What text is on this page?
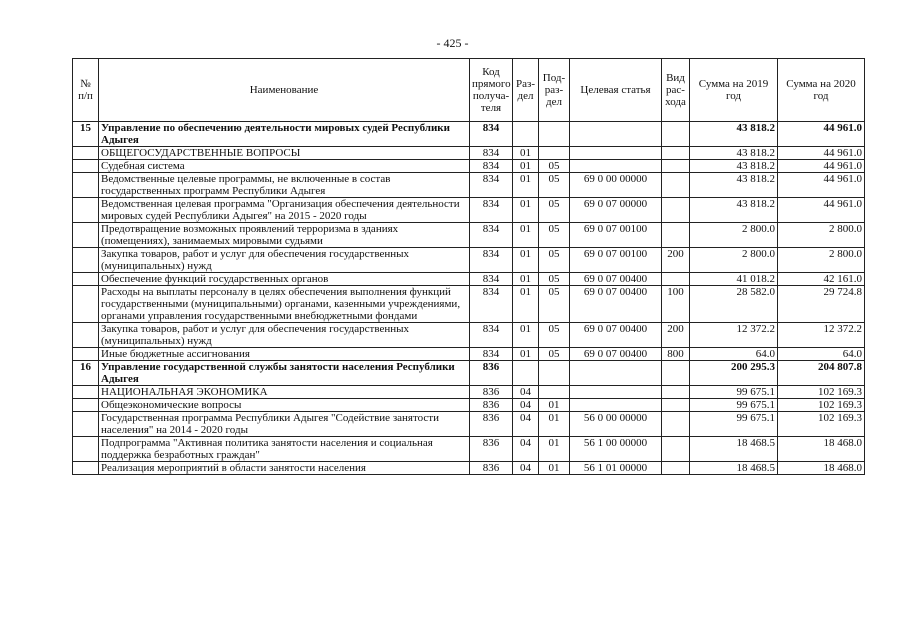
- 425 -
№ п/п	Наименование	Код прямого получа-теля	Раз-дел	Под-раз-дел	Целевая статья	Вид рас-хода	Сумма на 2019 год	Сумма на 2020 год
15	Управление по обеспечению деятельности мировых судей Республики Адыгея	834					43 818.2	44 961.0
	ОБЩЕГОСУДАРСТВЕННЫЕ ВОПРОСЫ	834	01				43 818.2	44 961.0
	Судебная система	834	01	05			43 818.2	44 961.0
	Ведомственные целевые программы, не включенные в состав государственных программ Республики Адыгея	834	01	05	69 0 00 00000		43 818.2	44 961.0
	Ведомственная целевая программа "Организация обеспечения деятельности мировых судей Республики Адыгея" на 2015 - 2020 годы	834	01	05	69 0 07 00000		43 818.2	44 961.0
	Предотвращение возможных проявлений терроризма в зданиях (помещениях), занимаемых мировыми судьями	834	01	05	69 0 07 00100		2 800.0	2 800.0
	Закупка товаров, работ и услуг для обеспечения государственных (муниципальных) нужд	834	01	05	69 0 07 00100	200	2 800.0	2 800.0
	Обеспечение функций государственных органов	834	01	05	69 0 07 00400		41 018.2	42 161.0
	Расходы на выплаты персоналу в целях обеспечения выполнения функций государственными (муниципальными) органами, казенными учреждениями, органами управления государственными внебюджетными фондами	834	01	05	69 0 07 00400	100	28 582.0	29 724.8
	Закупка товаров, работ и услуг для обеспечения государственных (муниципальных) нужд	834	01	05	69 0 07 00400	200	12 372.2	12 372.2
	Иные бюджетные ассигнования	834	01	05	69 0 07 00400	800	64.0	64.0
16	Управление государственной службы занятости населения Республики Адыгея	836					200 295.3	204 807.8
	НАЦИОНАЛЬНАЯ ЭКОНОМИКА	836	04				99 675.1	102 169.3
	Общеэкономические вопросы	836	04	01			99 675.1	102 169.3
	Государственная программа Республики Адыгея "Содействие занятости населения" на 2014 - 2020 годы	836	04	01	56 0 00 00000		99 675.1	102 169.3
	Подпрограмма "Активная политика занятости населения и социальная поддержка безработных граждан"	836	04	01	56 1 00 00000		18 468.5	18 468.0
	Реализация мероприятий в области занятости населения	836	04	01	56 1 01 00000		18 468.5	18 468.0
